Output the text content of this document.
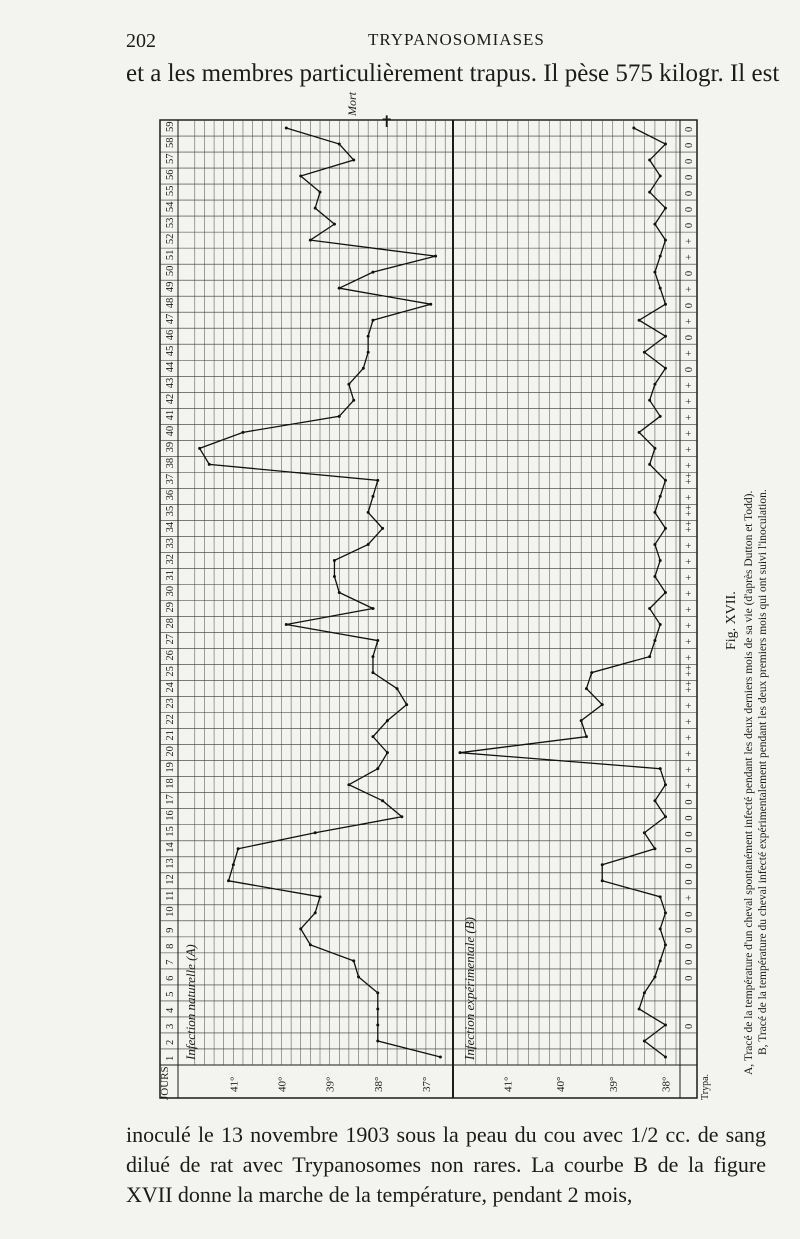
202	TRYPANOSOMIASES
et a les membres particulièrement trapus. Il pèse 575 kilogr. Il est
1
2
3
4
5
6
7
8
9
10
11
12
13
14
15
16
17
18
19
20
21
22
23
24
25
26
27
28
29
30
31
32
33
34
35
36
37
38
39
40
41
42
43
44
45
46
47
48
49
50
51
52
53
54
55
56
57
58
59
JOURS	Trypa.
Infection naturelle (A)	Infection expérimentale (B)
Mort
✝
Fig. XVII. A, Tracé de la température d'un cheval spontanément infecté pendant les deux derniers mois de sa vie (d'après Dutton et Todd). B, Tracé de la température du cheval infecté expérimentalement pendant les deux premiers mois qui ont suivi l'inoculation.
37°
38°
39°
40°
41°	38°
39°
40°
41°
0
0
0
0
0
0
+
0
0
0
0
0
0
+
+
+
+
+
+
++
++
+
+
+
+
+
+
+
+
++
++
+
++
+
+
+
+
+
+
0
+
0
+
0
+
0
+
+
0
0
0
0
0
0
0

inoculé le 13 novembre 1903 sous la peau du cou avec 1/2 cc. de sang dilué de rat avec Trypanosomes non rares. La courbe B de la figure XVII donne la marche de la température, pendant 2 mois,
